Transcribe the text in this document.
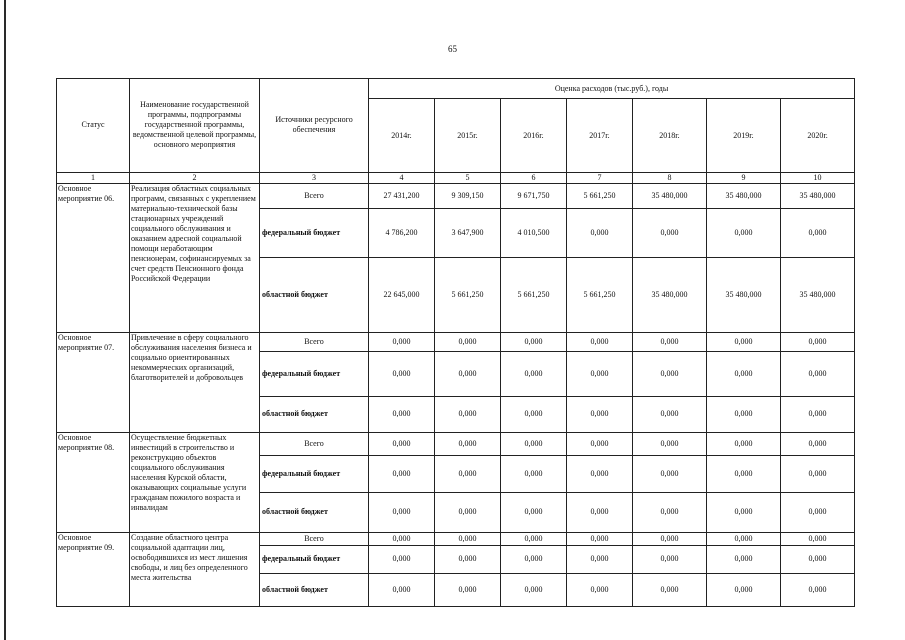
65
Статус	Наименование государственной программы, подпрограммы государственной программы, ведомственной целевой программы, основного мероприятия	Источники ресурсного обеспечения	Оценка расходов (тыс.руб.), годы						
			2014г.	2015г.	2016г.	2017г.	2018г.	2019г.	2020г.
1	2	3	4	5	6	7	8	9	10
Основное мероприятие 06.	Реализация областных социальных программ, связанных с укреплением материально-технической базы стационарных учреждений социального обслуживания и оказанием адресной социальной помощи неработающим пенсионерам, софинансируемых за счет средств Пенсионного фонда Российской Федерации	Всего	27 431,200	9 309,150	9 671,750	5 661,250	35 480,000	35 480,000	35 480,000
		федеральный бюджет	4 786,200	3 647,900	4 010,500	0,000	0,000	0,000	0,000
		областной бюджет	22 645,000	5 661,250	5 661,250	5 661,250	35 480,000	35 480,000	35 480,000
Основное мероприятие 07.	Привлечение в сферу социального обслуживания населения бизнеса и социально ориентированных некоммерческих организаций, благотворителей и добровольцев	Всего	0,000	0,000	0,000	0,000	0,000	0,000	0,000
		федеральный бюджет	0,000	0,000	0,000	0,000	0,000	0,000	0,000
		областной бюджет	0,000	0,000	0,000	0,000	0,000	0,000	0,000
Основное мероприятие 08.	Осуществление бюджетных инвестиций в строительство и реконструкцию объектов социального обслуживания населения Курской области, оказывающих социальные услуги гражданам пожилого возраста и инвалидам	Всего	0,000	0,000	0,000	0,000	0,000	0,000	0,000
		федеральный бюджет	0,000	0,000	0,000	0,000	0,000	0,000	0,000
		областной бюджет	0,000	0,000	0,000	0,000	0,000	0,000	0,000
Основное мероприятие 09.	Создание областного центра социальной адаптации лиц, освободившихся из мест лишения свободы, и лиц без определенного места жительства	Всего	0,000	0,000	0,000	0,000	0,000	0,000	0,000
		федеральный бюджет	0,000	0,000	0,000	0,000	0,000	0,000	0,000
		областной бюджет	0,000	0,000	0,000	0,000	0,000	0,000	0,000
